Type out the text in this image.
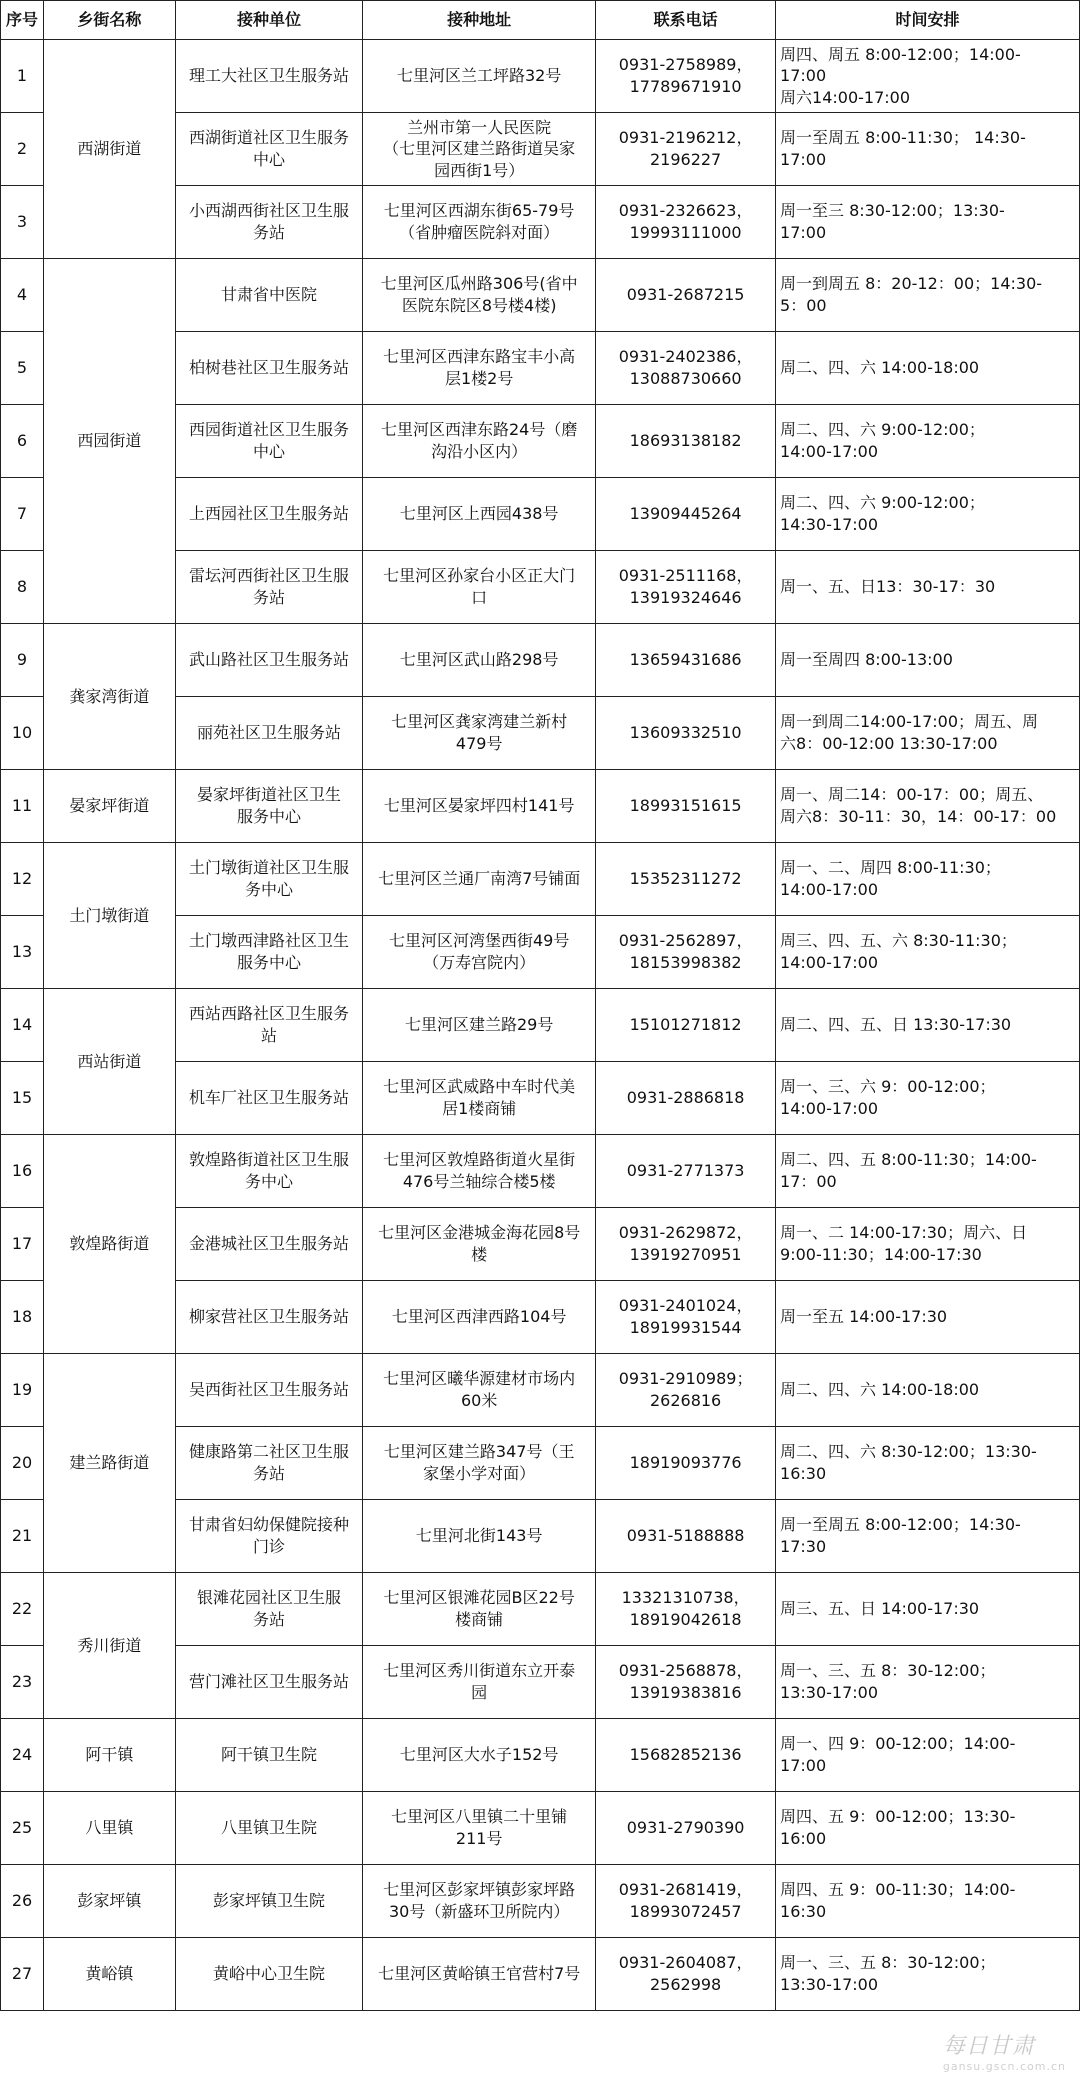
序号	乡街名称	接种单位	接种地址	联系电话	时间安排
1	西湖街道	理工大社区卫生服务站	七里河区兰工坪路32号	0931-2758989，
17789671910	周四、周五 8:00-12:00；14:00-
17:00
周六14:00-17:00
2		西湖街道社区卫生服务
中心	兰州市第一人民医院
（七里河区建兰路街道吴家
园西街1号）	0931-2196212，
2196227	周一至周五 8:00-11:30； 14:30-
17:00
3		小西湖西街社区卫生服
务站	七里河区西湖东街65-79号
（省肿瘤医院斜对面）	0931-2326623，
19993111000	周一至三 8:30-12:00；13:30-
17:00
4	西园街道	甘肃省中医院	七里河区瓜州路306号(省中
医院东院区8号楼4楼)	0931-2687215	周一到周五 8：20-12：00；14:30-
5：00
5		柏树巷社区卫生服务站	七里河区西津东路宝丰小高
层1楼2号	0931-2402386，
13088730660	周二、四、六 14:00-18:00
6		西园街道社区卫生服务
中心	七里河区西津东路24号（磨
沟沿小区内）	18693138182	周二、四、六 9:00-12:00；
14:00-17:00
7		上西园社区卫生服务站	七里河区上西园438号	13909445264	周二、四、六 9:00-12:00；
14:30-17:00
8		雷坛河西街社区卫生服
务站	七里河区孙家台小区正大门
口	0931-2511168，
13919324646	周一、五、日13：30-17：30
9	龚家湾街道	武山路社区卫生服务站	七里河区武山路298号	13659431686	周一至周四 8:00-13:00
10		丽苑社区卫生服务站	七里河区龚家湾建兰新村
479号	13609332510	周一到周二14:00-17:00；周五、周
六8：00-12:00 13:30-17:00
11	晏家坪街道	晏家坪街道社区卫生
服务中心	七里河区晏家坪四村141号	18993151615	周一、周二14：00-17：00；周五、
周六8：30-11：30，14：00-17：00
12	土门墩街道	土门墩街道社区卫生服
务中心	七里河区兰通厂南湾7号铺面	15352311272	周一、二、周四 8:00-11:30；
14:00-17:00
13		土门墩西津路社区卫生
服务中心	七里河区河湾堡西街49号
（万寿宫院内）	0931-2562897，
18153998382	周三、四、五、六 8:30-11:30；
14:00-17:00
14	西站街道	西站西路社区卫生服务
站	七里河区建兰路29号	15101271812	周二、四、五、日 13:30-17:30
15		机车厂社区卫生服务站	七里河区武威路中车时代美
居1楼商铺	0931-2886818	周一、三、六 9：00-12:00；
14:00-17:00
16	敦煌路街道	敦煌路街道社区卫生服
务中心	七里河区敦煌路街道火星街
476号兰轴综合楼5楼	0931-2771373	周二、四、五 8:00-11:30；14:00-
17：00
17		金港城社区卫生服务站	七里河区金港城金海花园8号
楼	0931-2629872，
13919270951	周一、二 14:00-17:30；周六、日
9:00-11:30；14:00-17:30
18		柳家营社区卫生服务站	七里河区西津西路104号	0931-2401024，
18919931544	周一至五 14:00-17:30
19	建兰路街道	吴西街社区卫生服务站	七里河区曦华源建材市场内
60米	0931-2910989；
2626816	周二、四、六 14:00-18:00
20		健康路第二社区卫生服
务站	七里河区建兰路347号（王
家堡小学对面）	18919093776	周二、四、六 8:30-12:00；13:30-
16:30
21		甘肃省妇幼保健院接种
门诊	七里河北街143号	0931-5188888	周一至周五 8:00-12:00；14:30-
17:30
22	秀川街道	银滩花园社区卫生服
务站	七里河区银滩花园B区22号
楼商铺	13321310738，
18919042618	周三、五、日 14:00-17:30
23		营门滩社区卫生服务站	七里河区秀川街道东立开泰
园	0931-2568878，
13919383816	周一、三、五 8：30-12:00；
13:30-17:00
24	阿干镇	阿干镇卫生院	七里河区大水子152号	15682852136	周一、四 9：00-12:00；14:00-
17:00
25	八里镇	八里镇卫生院	七里河区八里镇二十里铺
211号	0931-2790390	周四、五 9：00-12:00；13:30-
16:00
26	彭家坪镇	彭家坪镇卫生院	七里河区彭家坪镇彭家坪路
30号（新盛环卫所院内）	0931-2681419，
18993072457	周四、五 9：00-11:30；14:00-
16:30
27	黄峪镇	黄峪中心卫生院	七里河区黄峪镇王官营村7号	0931-2604087，
2562998	周一、三、五 8：30-12:00；
13:30-17:00
每日甘肃
gansu.gscn.com.cn
